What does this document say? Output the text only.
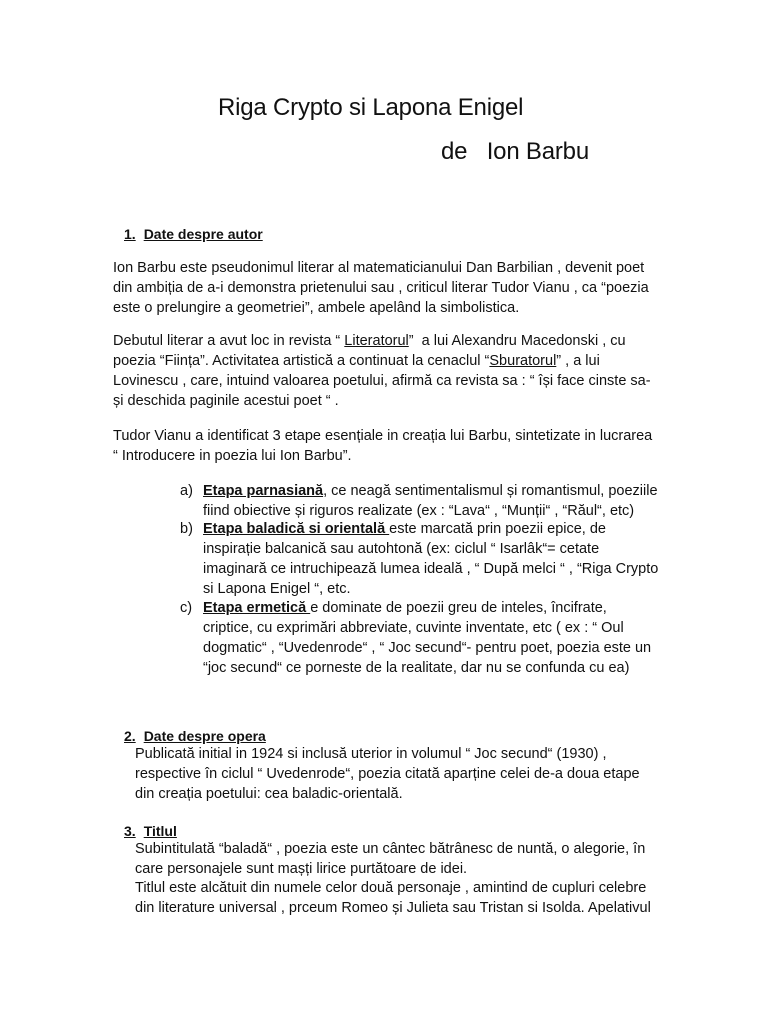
Riga Crypto si Lapona Enigel
de   Ion Barbu
1. Date despre autor
Ion Barbu este pseudonimul literar al matematicianului Dan Barbilian , devenit poet
din ambiția de a-i demonstra prietenului sau , criticul literar Tudor Vianu , ca “poezia
este o prelungire a geometriei”, ambele apelând la simbolistica.
Debutul literar a avut loc in revista “ Literatorul”  a lui Alexandru Macedonski , cu
poezia “Ființa”. Activitatea artistică a continuat la cenaclul “Sburatorul” , a lui
Lovinescu , care, intuind valoarea poetului, afirmă ca revista sa : “ își face cinste sa-
și deschida paginile acestui poet “ .
Tudor Vianu a identificat 3 etape esențiale in creația lui Barbu, sintetizate in lucrarea
“ Introducere in poezia lui Ion Barbu”.
a) Etapa parnasiană, ce neagă sentimentalismul și romantismul, poeziile
fiind obiective și riguros realizate (ex : “Lava“ , “Munții“ , “Răul“, etc)
b) Etapa baladică si orientală este marcată prin poezii epice, de
inspirație balcanică sau autohtonă (ex: ciclul “ Isarlâk“= cetate
imaginară ce intruchipează lumea ideală , “ După melci “ , “Riga Crypto
si Lapona Enigel “, etc.
c) Etapa ermetică e dominate de poezii greu de inteles, încifrate,
criptice, cu exprimări abbreviate, cuvinte inventate, etc ( ex : “ Oul
dogmatic“ , “Uvedenrode“ , “ Joc secund“- pentru poet, poezia este un
“joc secund“ ce porneste de la realitate, dar nu se confunda cu ea)
2. Date despre opera
Publicată initial in 1924 si inclusă uterior in volumul “ Joc secund“ (1930) ,
respective în ciclul “ Uvedenrode“, poezia citată aparține celei de-a doua etape
din creația poetului: cea baladic-orientală.
3. Titlul
Subintitulată “baladă“ , poezia este un cântec bătrânesc de nuntă, o alegorie, în
care personajele sunt mașți lirice purtătoare de idei.
Titlul este alcătuit din numele celor două personaje , amintind de cupluri celebre
din literature universal , prceum Romeo și Julieta sau Tristan si Isolda. Apelativul
